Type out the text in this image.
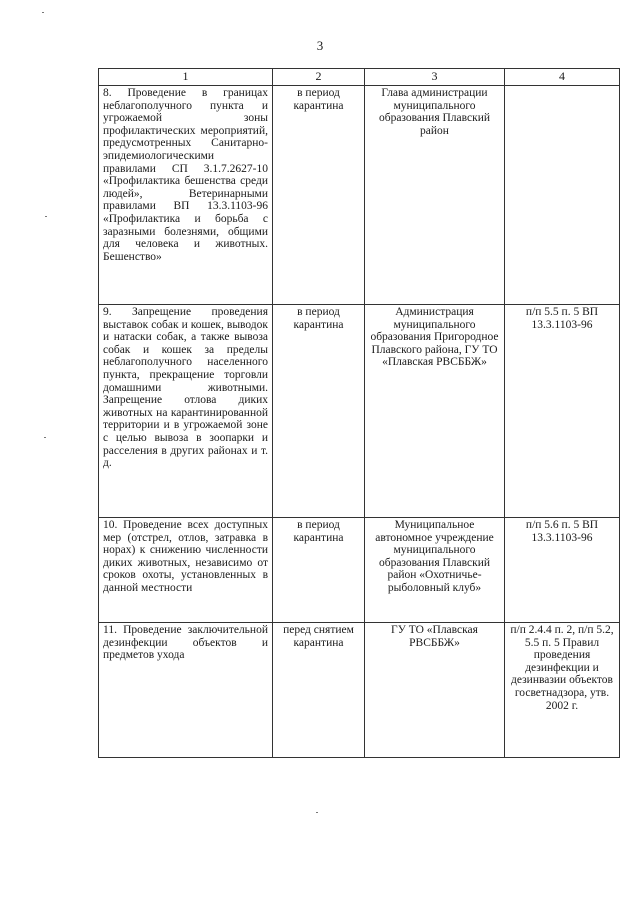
3
1	2	3	4
8. Проведение в границах неблагополучного пункта и угрожаемой зоны профилактических мероприятий, предусмотренных Санитарно-эпидемиологическими правилами СП 3.1.7.2627-10 «Профилактика бешенства среди людей», Ветеринарными правилами ВП 13.3.1103-96 «Профилактика и борьба с заразными болезнями, общими для человека и животных. Бешенство»	в период карантина	Глава администрации муниципального образования Плавский район	
9. Запрещение проведения выставок собак и кошек, выводок и натаски собак, а также вывоза собак и кошек за пределы неблагополучного населенного пункта, прекращение торговли домашними животными. Запрещение отлова диких животных на карантинированной территории и в угрожаемой зоне с целью вывоза в зоопарки и расселения в других районах и т. д.	в период карантина	Администрация муниципального образования Пригородное Плавского района, ГУ ТО «Плавская РВСББЖ»	п/п 5.5 п. 5 ВП 13.3.1103-96
10. Проведение всех доступных мер (отстрел, отлов, затравка в норах) к снижению численности диких животных, независимо от сроков охоты, установленных в данной местности	в период карантина	Муниципальное автономное учреждение муниципального образования Плавский район «Охотничье-рыболовный клуб»	п/п 5.6 п. 5 ВП 13.3.1103-96
11. Проведение заключительной дезинфекции объектов и предметов ухода	перед снятием карантина	ГУ ТО «Плавская РВСББЖ»	п/п 2.4.4 п. 2, п/п 5.2, 5.5 п. 5 Правил проведения дезинфекции и дезинвазии объектов госветнадзора, утв. 2002 г.
